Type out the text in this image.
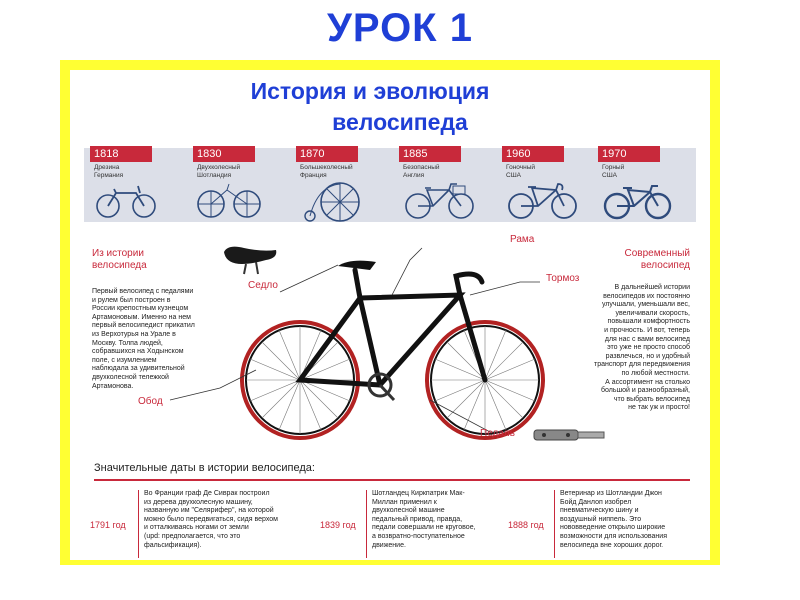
УРОК 1
История и эволюция
велосипеда
1818
Дрезина
Германия
1830
Двухколесный
Шотландия
1870
Большеколесный
Франция
1885
Безопасный
Англия
1960
Гоночный
США
1970
Горный
США
Из истории
велосипеда
Первый велосипед с педалями
и рулем был построен в
России крепостным кузнецом
Артамоновым. Именно на нем
первый велосипедист прикатил
из Верхотурья на Урале в
Москву. Толпа людей,
собравшихся на Ходынском
поле, с изумлением
наблюдала за удивительной
двухколесной тележкой
Артамонова.
Современный
велосипед
В дальнейшей истории
велосипедов их постоянно
улучшали, уменьшали вес,
увеличивали скорость,
повышали комфортность
и прочность. И вот, теперь
для нас с вами велосипед
это уже не просто способ
развлечься, но и удобный
транспорт для передвижения
по любой местности.
А ассортимент на столько
большой и разнообразный,
что выбрать велосипед
не так уж и просто!
Рама
Седло
Тормоз
Обод
Педаль
Значительные даты в истории велосипеда:
1791 год
Во Франции граф Де Сиврак построил
из дерева двухколесную машину,
названную им "Селярифер", на которой
можно было передвигаться, сидя верхом
и отталкиваясь ногами от земли
(upd: предполагается, что это
фальсификация).
1839 год
Шотландец Киркпатрик Мак-
Миллан применил к
двухколесной машине
педальный привод, правда,
педали совершали не круговое,
а возвратно-поступательное
движение.
1888 год
Ветеринар из Шотландии Джон
Бойд Данлоп изобрел
пневматическую шину и
воздушный ниппель. Это
нововведение открыло широкие
возможности для использования
велосипеда вне хороших дорог.
